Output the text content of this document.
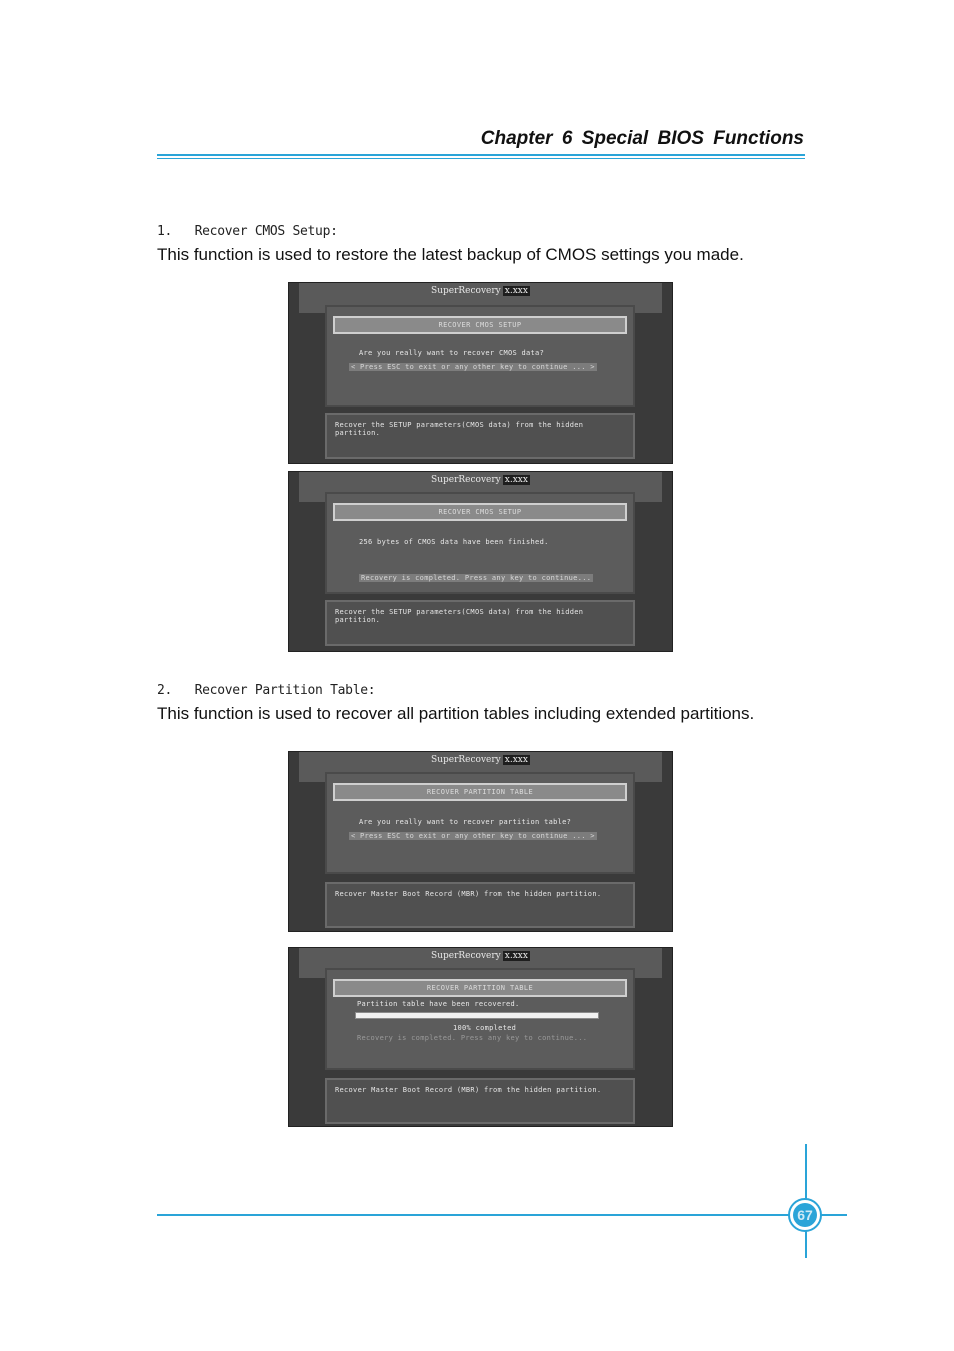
Chapter 6 Special BIOS Functions

1.   Recover CMOS Setup:

This function is used to restore the latest backup of CMOS settings you made.

SuperRecovery x.xxx
RECOVER CMOS SETUP
Are you really want to recover CMOS data?
< Press ESC to exit or any other key to continue ... >
Recover the SETUP parameters(CMOS data) from the hidden partition.
SuperRecovery x.xxx
RECOVER CMOS SETUP
256 bytes of CMOS data have been finished.
Recovery is completed. Press any key to continue...
Recover the SETUP parameters(CMOS data) from the hidden partition.

2.   Recover Partition Table:

This function is used to recover all partition tables including extended partitions.

SuperRecovery x.xxx
RECOVER PARTITION TABLE
Are you really want to recover partition table?
< Press ESC to exit or any other key to continue ... >
Recover Master Boot Record (MBR) from the hidden partition.
SuperRecovery x.xxx
RECOVER PARTITION TABLE
Partition table have been recovered.
100% completed
Recovery is completed. Press any key to continue...
Recover Master Boot Record (MBR) from the hidden partition.
67
